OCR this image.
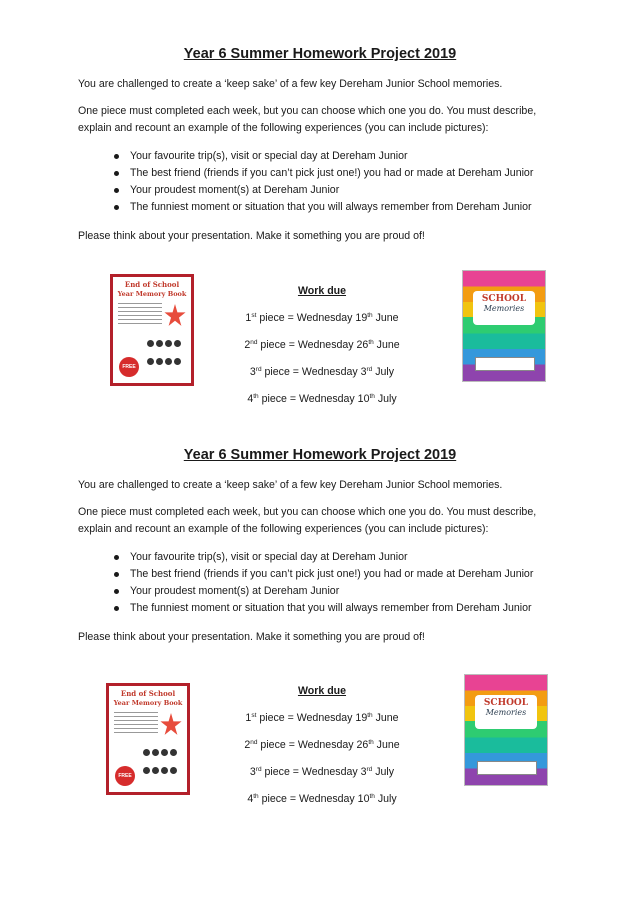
Year 6 Summer Homework Project 2019
You are challenged to create a ‘keep sake’ of a few key Dereham Junior School memories.
One piece must completed each week, but you can choose which one you do. You must describe,
explain and recount an example of the following experiences (you can include pictures):
Your favourite trip(s), visit or special day at Dereham Junior
The best friend (friends if you can’t pick just one!) you had or made at Dereham Junior
Your proudest moment(s) at Dereham Junior
The funniest moment or situation that you will always remember from Dereham Junior
Please think about your presentation. Make it something you are proud of!
End of School
Year Memory Book
FREE
Work due
1st piece = Wednesday 19th June
2nd piece = Wednesday 26th June
3rd piece = Wednesday 3rd July
4th piece = Wednesday 10th July
SCHOOL
Memories
Year 6 Summer Homework Project 2019
You are challenged to create a ‘keep sake’ of a few key Dereham Junior School memories.
One piece must completed each week, but you can choose which one you do. You must describe,
explain and recount an example of the following experiences (you can include pictures):
Your favourite trip(s), visit or special day at Dereham Junior
The best friend (friends if you can’t pick just one!) you had or made at Dereham Junior
Your proudest moment(s) at Dereham Junior
The funniest moment or situation that you will always remember from Dereham Junior
Please think about your presentation. Make it something you are proud of!
End of School
Year Memory Book
FREE
Work due
1st piece = Wednesday 19th June
2nd piece = Wednesday 26th June
3rd piece = Wednesday 3rd July
4th piece = Wednesday 10th July
SCHOOL
Memories
